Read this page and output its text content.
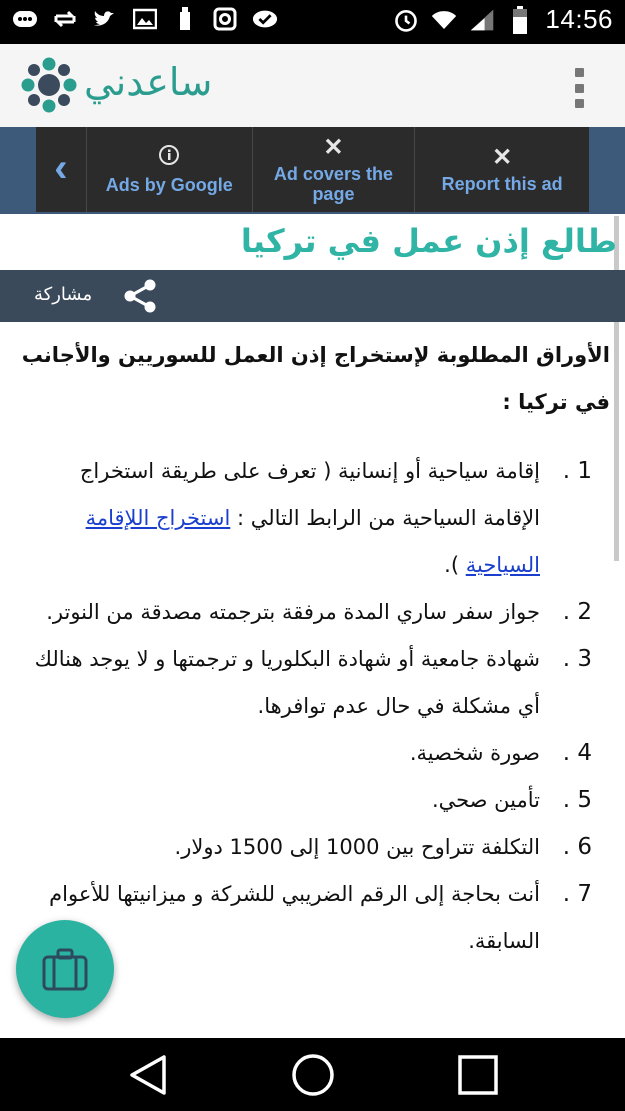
14:56
ساعدني
‹ Ads by Google
✕
Ad covers the page
✕
Report this ad
طالع إذن عمل في تركيا
مشاركة

الأوراق المطلوبة لإستخراج إذن العمل للسوريين والأجانب في تركيا :

1 .
إقامة سياحية أو إنسانية ( تعرف على طريقة استخراج الإقامة السياحية من الرابط التالي : استخراج اللإقامة السياحية ).
2 .
جواز سفر ساري المدة مرفقة بترجمته مصدقة من النوتر.
3 .
شهادة جامعية أو شهادة البكلوريا و ترجمتها و لا يوجد هنالك أي مشكلة في حال عدم توافرها.
4 .
صورة شخصية.
5 .
تأمين صحي.
6 .
التكلفة تتراوح بين 1000 إلى 1500 دولار.
7 .
أنت بحاجة إلى الرقم الضريبي للشركة و ميزانيتها للأعوام السابقة.
